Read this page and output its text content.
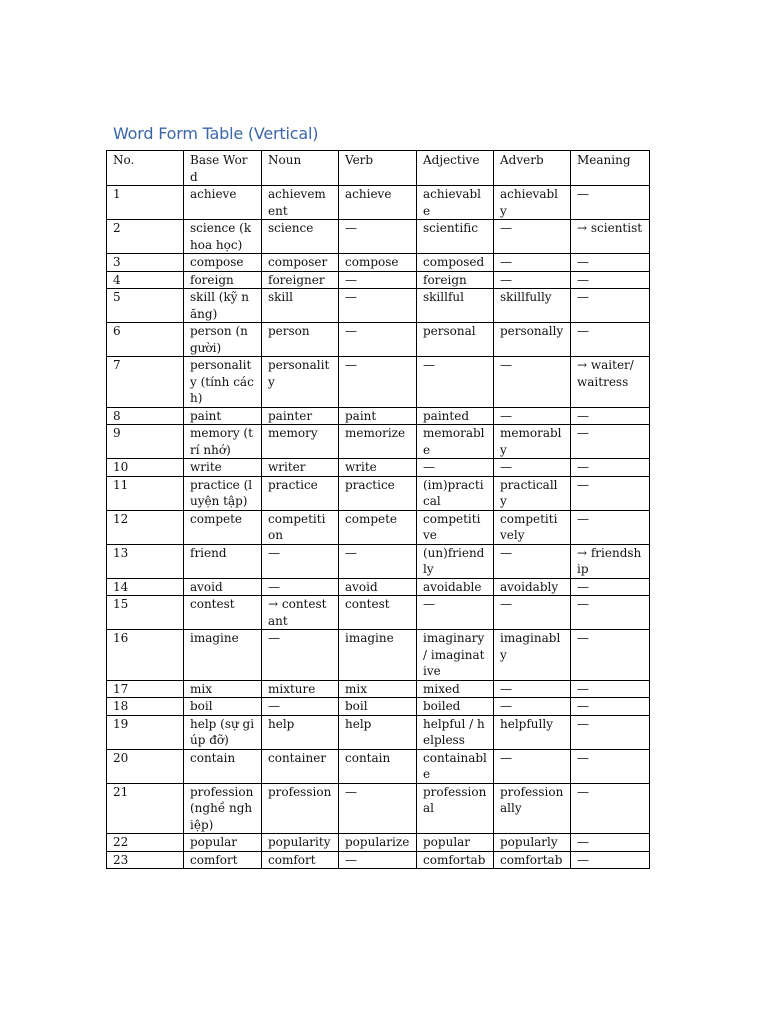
Word Form Table (Vertical)
No.	Base Word	Noun	Verb	Adjective	Adverb	Meaning
1	achieve	achievement	achieve	achievable	achievably	—
2	science (khoa học)	science	—	scientific	—	→ scientist
3	compose	composer	compose	composed	—	—
4	foreign	foreigner	—	foreign	—	—
5	skill (kỹ năng)	skill	—	skillful	skillfully	—
6	person (người)	person	—	personal	personally	—
7	personality (tính cách)	personality	—	—	—	→ waiter/waitress
8	paint	painter	paint	painted	—	—
9	memory (trí nhớ)	memory	memorize	memorable	memorably	—
10	write	writer	write	—	—	—
11	practice (luyện tập)	practice	practice	(im)practical	practically	—
12	compete	competition	compete	competitive	competitively	—
13	friend	—	—	(un)friendly	—	→ friendship
14	avoid	—	avoid	avoidable	avoidably	—
15	contest	→ contestant	contest	—	—	—
16	imagine	—	imagine	imaginary / imaginative	imaginably	—
17	mix	mixture	mix	mixed	—	—
18	boil	—	boil	boiled	—	—
19	help (sự giúp đỡ)	help	help	helpful / helpless	helpfully	—
20	contain	container	contain	containable	—	—
21	profession (nghề nghiệp)	profession	—	professional	professionally	—
22	popular	popularity	popularize	popular	popularly	—
23	comfort	comfort	—	comfortab	comfortab	—
